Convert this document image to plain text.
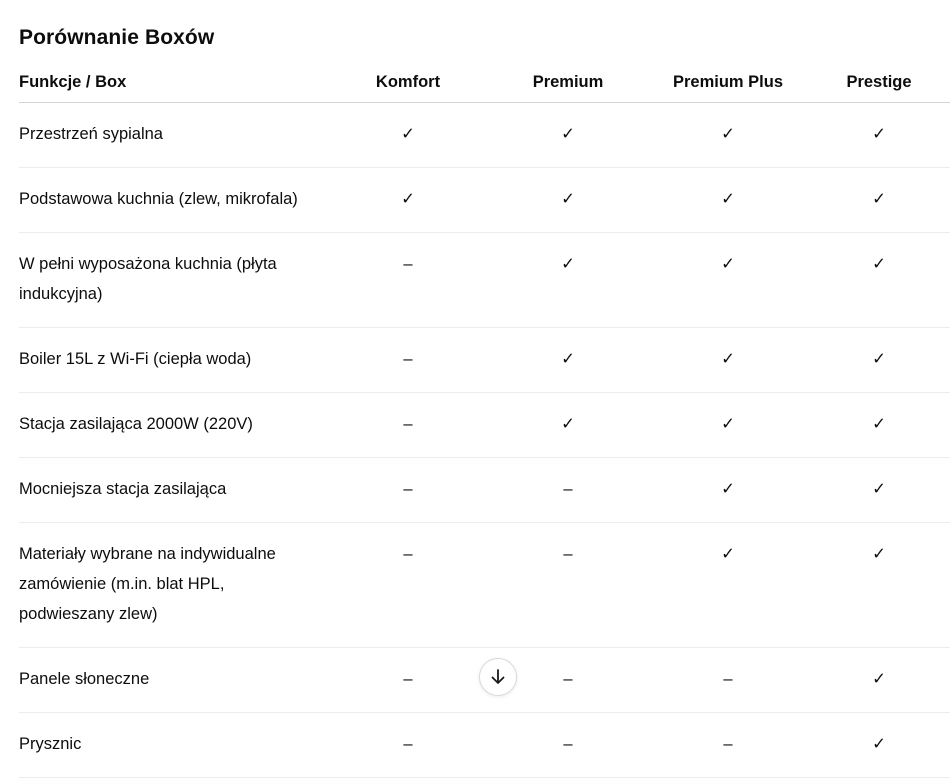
Porównanie Boxów
Funkcje / Box	Komfort	Premium	Premium Plus	Prestige
Przestrzeń sypialna	✓	✓	✓	✓
Podstawowa kuchnia (zlew, mikrofala)	✓	✓	✓	✓
W pełni wyposażona kuchnia (płyta indukcyjna)	–	✓	✓	✓
Boiler 15L z Wi-Fi (ciepła woda)	–	✓	✓	✓
Stacja zasilająca 2000W (220V)	–	✓	✓	✓
Mocniejsza stacja zasilająca	–	–	✓	✓
Materiały wybrane na indywidualne zamówienie (m.in. blat HPL, podwieszany zlew)	–	–	✓	✓
Panele słoneczne	–	–	–	✓
Prysznic	–	–	–	✓
